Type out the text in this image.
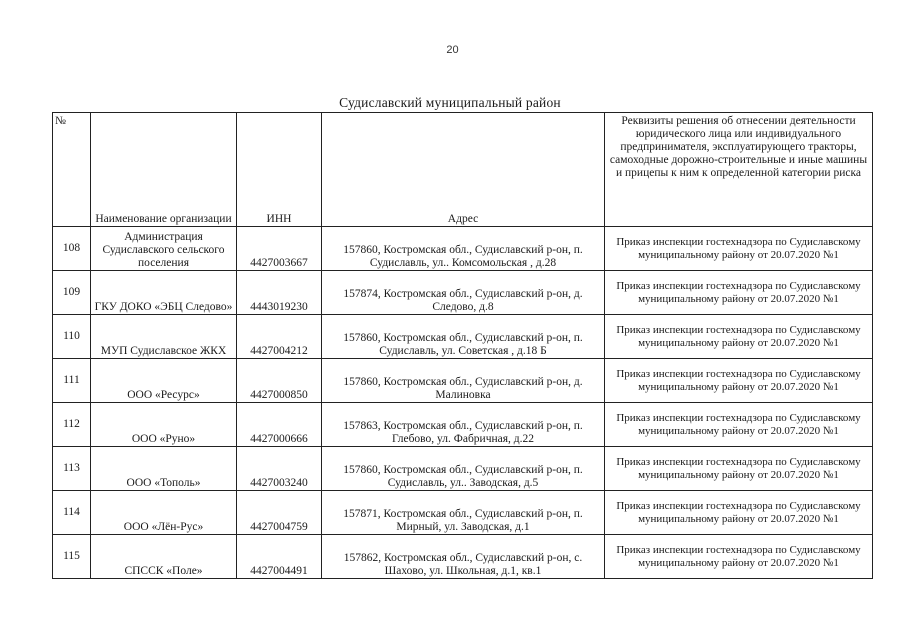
20
Судиславский муниципальный район
№	Наименование организации	ИНН	Адрес	Реквизиты решения об отнесении деятельности юридического лица или индивидуального предпринимателя, эксплуатирующего тракторы, самоходные дорожно-строительные и иные машины и прицепы к ним к определенной категории риска
108	Администрация Судиславского сельского поселения	4427003667	157860, Костромская обл., Судиславский р-он, п. Судиславль, ул.. Комсомольская , д.28	Приказ инспекции гостехнадзора по Судиславскому муниципальному району от 20.07.2020 №1
109	ГКУ ДОКО «ЭБЦ Следово»	4443019230	157874, Костромская обл., Судиславский р-он, д. Следово, д.8	Приказ инспекции гостехнадзора по Судиславскому муниципальному району от 20.07.2020 №1
110	МУП Судиславское ЖКХ	4427004212	157860, Костромская обл., Судиславский р-он, п. Судиславль, ул. Советская , д.18 Б	Приказ инспекции гостехнадзора по Судиславскому муниципальному району от 20.07.2020 №1
111	ООО «Ресурс»	4427000850	157860, Костромская обл., Судиславский р-он, д. Малиновка	Приказ инспекции гостехнадзора по Судиславскому муниципальному району от 20.07.2020 №1
112	ООО «Руно»	4427000666	157863, Костромская обл., Судиславский р-он, п. Глебово, ул. Фабричная, д.22	Приказ инспекции гостехнадзора по Судиславскому муниципальному району от 20.07.2020 №1
113	ООО «Тополь»	4427003240	157860, Костромская обл., Судиславский р-он, п. Судиславль, ул.. Заводская, д.5	Приказ инспекции гостехнадзора по Судиславскому муниципальному району от 20.07.2020 №1
114	ООО «Лён-Рус»	4427004759	157871, Костромская обл., Судиславский р-он, п. Мирный, ул. Заводская, д.1	Приказ инспекции гостехнадзора по Судиславскому муниципальному району от 20.07.2020 №1
115	СПССК «Поле»	4427004491	157862, Костромская обл., Судиславский р-он, с. Шахово, ул. Школьная, д.1, кв.1	Приказ инспекции гостехнадзора по Судиславскому муниципальному району от 20.07.2020 №1
